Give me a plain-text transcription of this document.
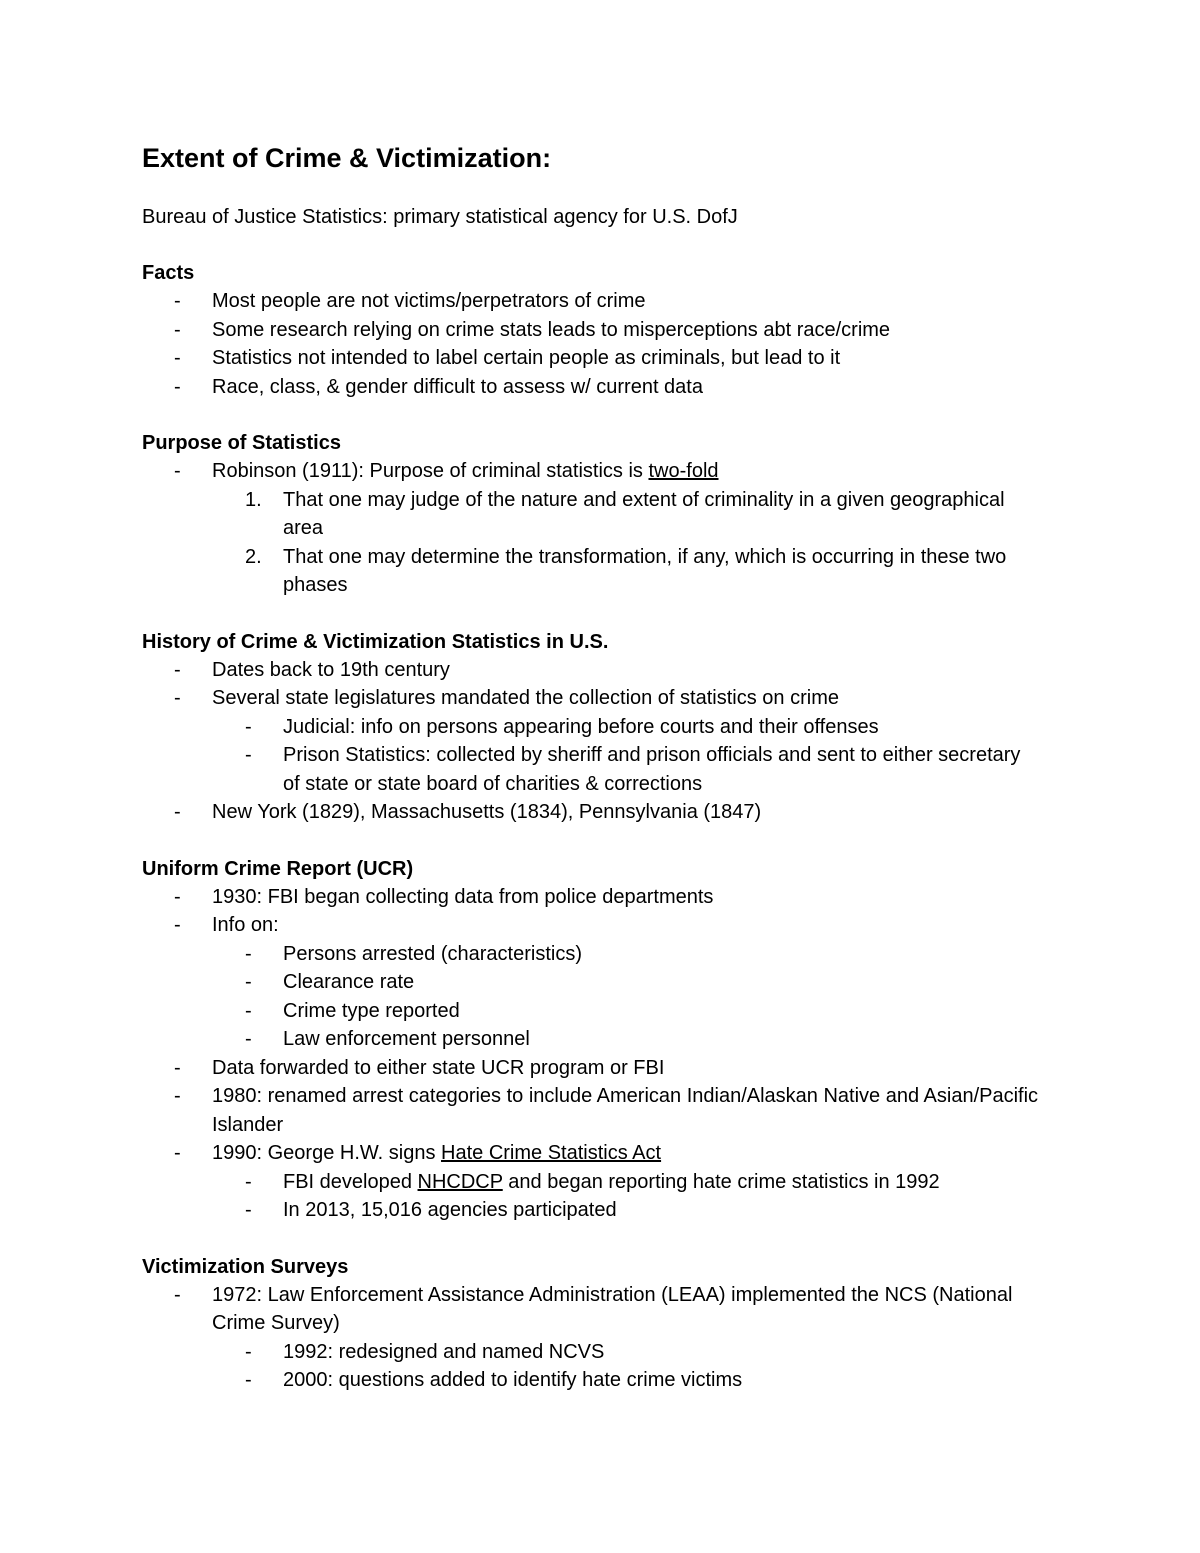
Extent of Crime & Victimization:
Bureau of Justice Statistics: primary statistical agency for U.S. DofJ
Facts
- Most people are not victims/perpetrators of crime
- Some research relying on crime stats leads to misperceptions abt race/crime
- Statistics not intended to label certain people as criminals, but lead to it
- Race, class, & gender difficult to assess w/ current data
Purpose of Statistics
- Robinson (1911): Purpose of criminal statistics is two-fold
1. That one may judge of the nature and extent of criminality in a given geographical area
2. That one may determine the transformation, if any, which is occurring in these two phases
History of Crime & Victimization Statistics in U.S.
- Dates back to 19th century
- Several state legislatures mandated the collection of statistics on crime
- Judicial: info on persons appearing before courts and their offenses
- Prison Statistics: collected by sheriff and prison officials and sent to either secretary of state or state board of charities & corrections
- New York (1829), Massachusetts (1834), Pennsylvania (1847)
Uniform Crime Report (UCR)
- 1930: FBI began collecting data from police departments
- Info on:
- Persons arrested (characteristics)
- Clearance rate
- Crime type reported
- Law enforcement personnel
- Data forwarded to either state UCR program or FBI
- 1980: renamed arrest categories to include American Indian/Alaskan Native and Asian/Pacific Islander
- 1990: George H.W. signs Hate Crime Statistics Act
- FBI developed NHCDCP and began reporting hate crime statistics in 1992
- In 2013, 15,016 agencies participated
Victimization Surveys
- 1972: Law Enforcement Assistance Administration (LEAA) implemented the NCS (National Crime Survey)
- 1992: redesigned and named NCVS
- 2000: questions added to identify hate crime victims
